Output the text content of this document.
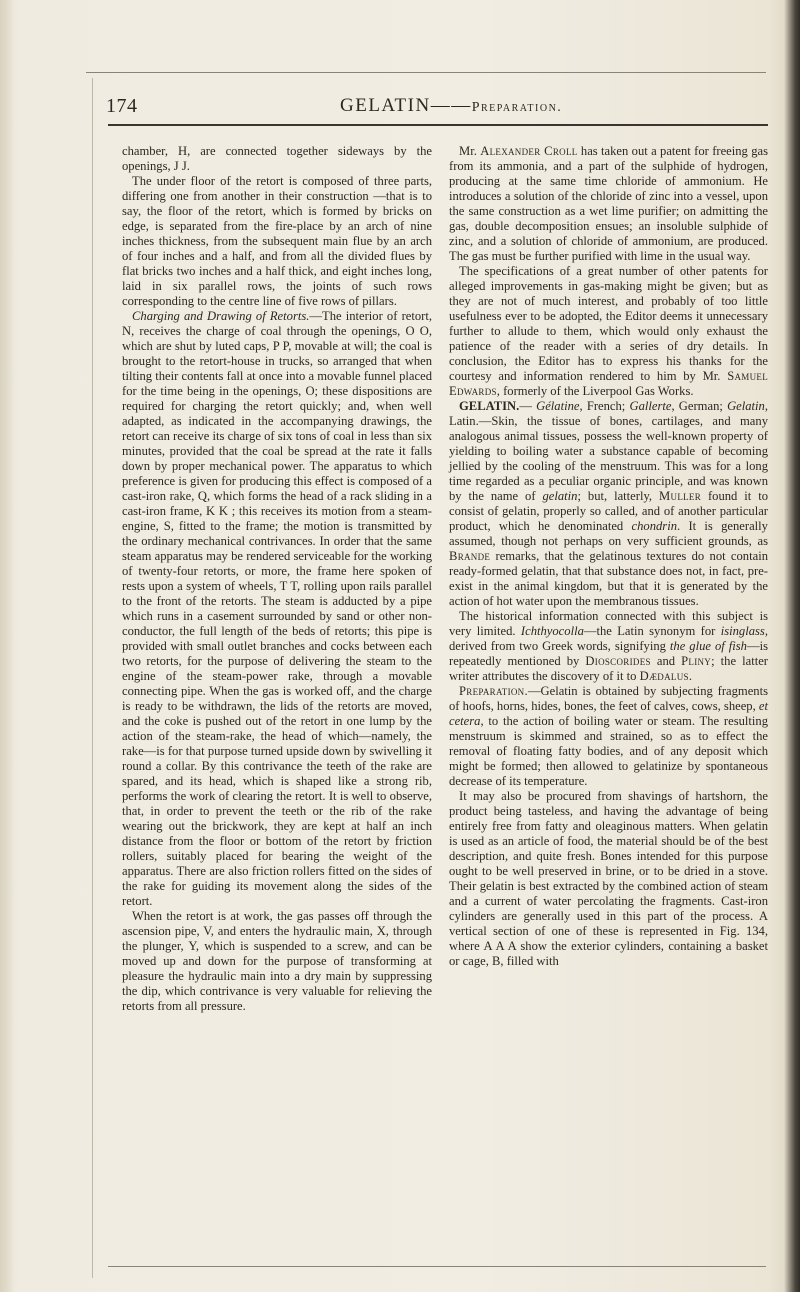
174	GELATIN——Preparation.

chamber, H, are connected together sideways by the openings, J J.

The under floor of the retort is composed of three parts, differing one from another in their construction —that is to say, the floor of the retort, which is formed by bricks on edge, is separated from the fire-place by an arch of nine inches thickness, from the subsequent main flue by an arch of four inches and a half, and from all the divided flues by flat bricks two inches and a half thick, and eight inches long, laid in six parallel rows, the joints of such rows corresponding to the centre line of five rows of pillars.

Charging and Drawing of Retorts.—The interior of retort, N, receives the charge of coal through the openings, O O, which are shut by luted caps, P P, movable at will; the coal is brought to the retort-house in trucks, so arranged that when tilting their contents fall at once into a movable funnel placed for the time being in the openings, O; these dispositions are required for charging the retort quickly; and, when well adapted, as indicated in the accompanying drawings, the retort can receive its charge of six tons of coal in less than six minutes, provided that the coal be spread at the rate it falls down by proper mechanical power. The apparatus to which preference is given for producing this effect is composed of a cast-iron rake, Q, which forms the head of a rack sliding in a cast-iron frame, K K ; this receives its motion from a steam-engine, S, fitted to the frame; the motion is transmitted by the ordinary mechanical contrivances. In order that the same steam apparatus may be rendered serviceable for the working of twenty-four retorts, or more, the frame here spoken of rests upon a system of wheels, T T, rolling upon rails parallel to the front of the retorts. The steam is adducted by a pipe which runs in a casement surrounded by sand or other non-conductor, the full length of the beds of retorts; this pipe is provided with small outlet branches and cocks between each two retorts, for the purpose of delivering the steam to the engine of the steam-power rake, through a movable connecting pipe. When the gas is worked off, and the charge is ready to be withdrawn, the lids of the retorts are moved, and the coke is pushed out of the retort in one lump by the action of the steam-rake, the head of which—namely, the rake—is for that purpose turned upside down by swivelling it round a collar. By this contrivance the teeth of the rake are spared, and its head, which is shaped like a strong rib, performs the work of clearing the retort. It is well to observe, that, in order to prevent the teeth or the rib of the rake wearing out the brickwork, they are kept at half an inch distance from the floor or bottom of the retort by friction rollers, suitably placed for bearing the weight of the apparatus. There are also friction rollers fitted on the sides of the rake for guiding its movement along the sides of the retort.

When the retort is at work, the gas passes off through the ascension pipe, V, and enters the hydraulic main, X, through the plunger, Y, which is suspended to a screw, and can be moved up and down for the purpose of transforming at pleasure the hydraulic main into a dry main by suppressing the dip, which contrivance is very valuable for relieving the retorts from all pressure.

Mr. Alexander Croll has taken out a patent for freeing gas from its ammonia, and a part of the sulphide of hydrogen, producing at the same time chloride of ammonium. He introduces a solution of the chloride of zinc into a vessel, upon the same construction as a wet lime purifier; on admitting the gas, double decomposition ensues; an insoluble sulphide of zinc, and a solution of chloride of ammonium, are produced. The gas must be further purified with lime in the usual way.

The specifications of a great number of other patents for alleged improvements in gas-making might be given; but as they are not of much interest, and probably of too little usefulness ever to be adopted, the Editor deems it unnecessary further to allude to them, which would only exhaust the patience of the reader with a series of dry details. In conclusion, the Editor has to express his thanks for the courtesy and information rendered to him by Mr. Samuel Edwards, formerly of the Liverpool Gas Works.

GELATIN.— Gélatine, French; Gallerte, German; Gelatin, Latin.—Skin, the tissue of bones, cartilages, and many analogous animal tissues, possess the well-known property of yielding to boiling water a substance capable of becoming jellied by the cooling of the menstruum. This was for a long time regarded as a peculiar organic principle, and was known by the name of gelatin; but, latterly, Muller found it to consist of gelatin, properly so called, and of another particular product, which he denominated chondrin. It is generally assumed, though not perhaps on very sufficient grounds, as Brande remarks, that the gelatinous textures do not contain ready-formed gelatin, that that substance does not, in fact, pre-exist in the animal kingdom, but that it is generated by the action of hot water upon the membranous tissues.

The historical information connected with this subject is very limited. Ichthyocolla—the Latin synonym for isinglass, derived from two Greek words, signifying the glue of fish—is repeatedly mentioned by Dioscorides and Pliny; the latter writer attributes the discovery of it to Dædalus.

Preparation.—Gelatin is obtained by subjecting fragments of hoofs, horns, hides, bones, the feet of calves, cows, sheep, et cetera, to the action of boiling water or steam. The resulting menstruum is skimmed and strained, so as to effect the removal of floating fatty bodies, and of any deposit which might be formed; then allowed to gelatinize by spontaneous decrease of its temperature.

It may also be procured from shavings of hartshorn, the product being tasteless, and having the advantage of being entirely free from fatty and oleaginous matters. When gelatin is used as an article of food, the material should be of the best description, and quite fresh. Bones intended for this purpose ought to be well preserved in brine, or to be dried in a stove. Their gelatin is best extracted by the combined action of steam and a current of water percolating the fragments. Cast-iron cylinders are generally used in this part of the process. A vertical section of one of these is represented in Fig. 134, where A A A show the exterior cylinders, containing a basket or cage, B, filled with
